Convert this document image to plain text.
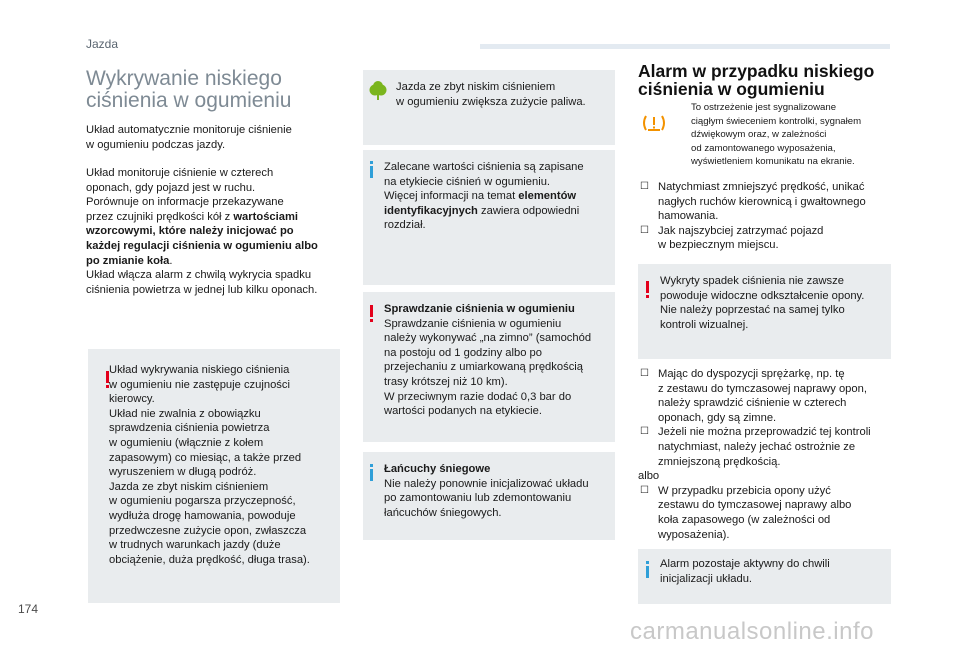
Jazda
Wykrywanie niskiego
ciśnienia w ogumieniu
Układ automatycznie monitoruje ciśnienie
w ogumieniu podczas jazdy.
Układ monitoruje ciśnienie w czterech
oponach, gdy pojazd jest w ruchu.
Porównuje on informacje przekazywane
przez czujniki prędkości kół z wartościami
wzorcowymi, które należy inicjować po
każdej regulacji ciśnienia w ogumieniu albo
po zmianie koła.
Układ włącza alarm z chwilą wykrycia spadku
ciśnienia powietrza w jednej lub kilku oponach.
Układ wykrywania niskiego ciśnienia
w ogumieniu nie zastępuje czujności
kierowcy.
Układ nie zwalnia z obowiązku
sprawdzenia ciśnienia powietrza
w ogumieniu (włącznie z kołem
zapasowym) co miesiąc, a także przed
wyruszeniem w długą podróż.
Jazda ze zbyt niskim ciśnieniem
w ogumieniu pogarsza przyczepność,
wydłuża drogę hamowania, powoduje
przedwczesne zużycie opon, zwłaszcza
w trudnych warunkach jazdy (duże
obciążenie, duża prędkość, długa trasa).
Jazda ze zbyt niskim ciśnieniem
w ogumieniu zwiększa zużycie paliwa.
Zalecane wartości ciśnienia są zapisane
na etykiecie ciśnień w ogumieniu.
Więcej informacji na temat elementów
identyfikacyjnych zawiera odpowiedni
rozdział.
Sprawdzanie ciśnienia w ogumieniu
Sprawdzanie ciśnienia w ogumieniu
należy wykonywać „na zimno” (samochód
na postoju od 1 godziny albo po
przejechaniu z umiarkowaną prędkością
trasy krótszej niż 10 km).
W przeciwnym razie dodać 0,3 bar do
wartości podanych na etykiecie.
Łańcuchy śniegowe
Nie należy ponownie inicjalizować układu
po zamontowaniu lub zdemontowaniu
łańcuchów śniegowych.
Alarm w przypadku niskiego
ciśnienia w ogumieniu
To ostrzeżenie jest sygnalizowane
ciągłym świeceniem kontrolki, sygnałem
dźwiękowym oraz, w zależności
od zamontowanego wyposażenia,
wyświetleniem komunikatu na ekranie.
☐ Natychmiast zmniejszyć prędkość, unikać
nagłych ruchów kierownicą i gwałtownego
hamowania.
☐ Jak najszybciej zatrzymać pojazd
w bezpiecznym miejscu.
Wykryty spadek ciśnienia nie zawsze
powoduje widoczne odkształcenie opony.
Nie należy poprzestać na samej tylko
kontroli wizualnej.
☐ Mając do dyspozycji sprężarkę, np. tę
z zestawu do tymczasowej naprawy opon,
należy sprawdzić ciśnienie w czterech
oponach, gdy są zimne.
☐ Jeżeli nie można przeprowadzić tej kontroli
natychmiast, należy jechać ostrożnie ze
zmniejszoną prędkością.
albo
☐ W przypadku przebicia opony użyć
zestawu do tymczasowej naprawy albo
koła zapasowego (w zależności od
wyposażenia).
Alarm pozostaje aktywny do chwili
inicjalizacji układu.
174
carmanualsonline.info
